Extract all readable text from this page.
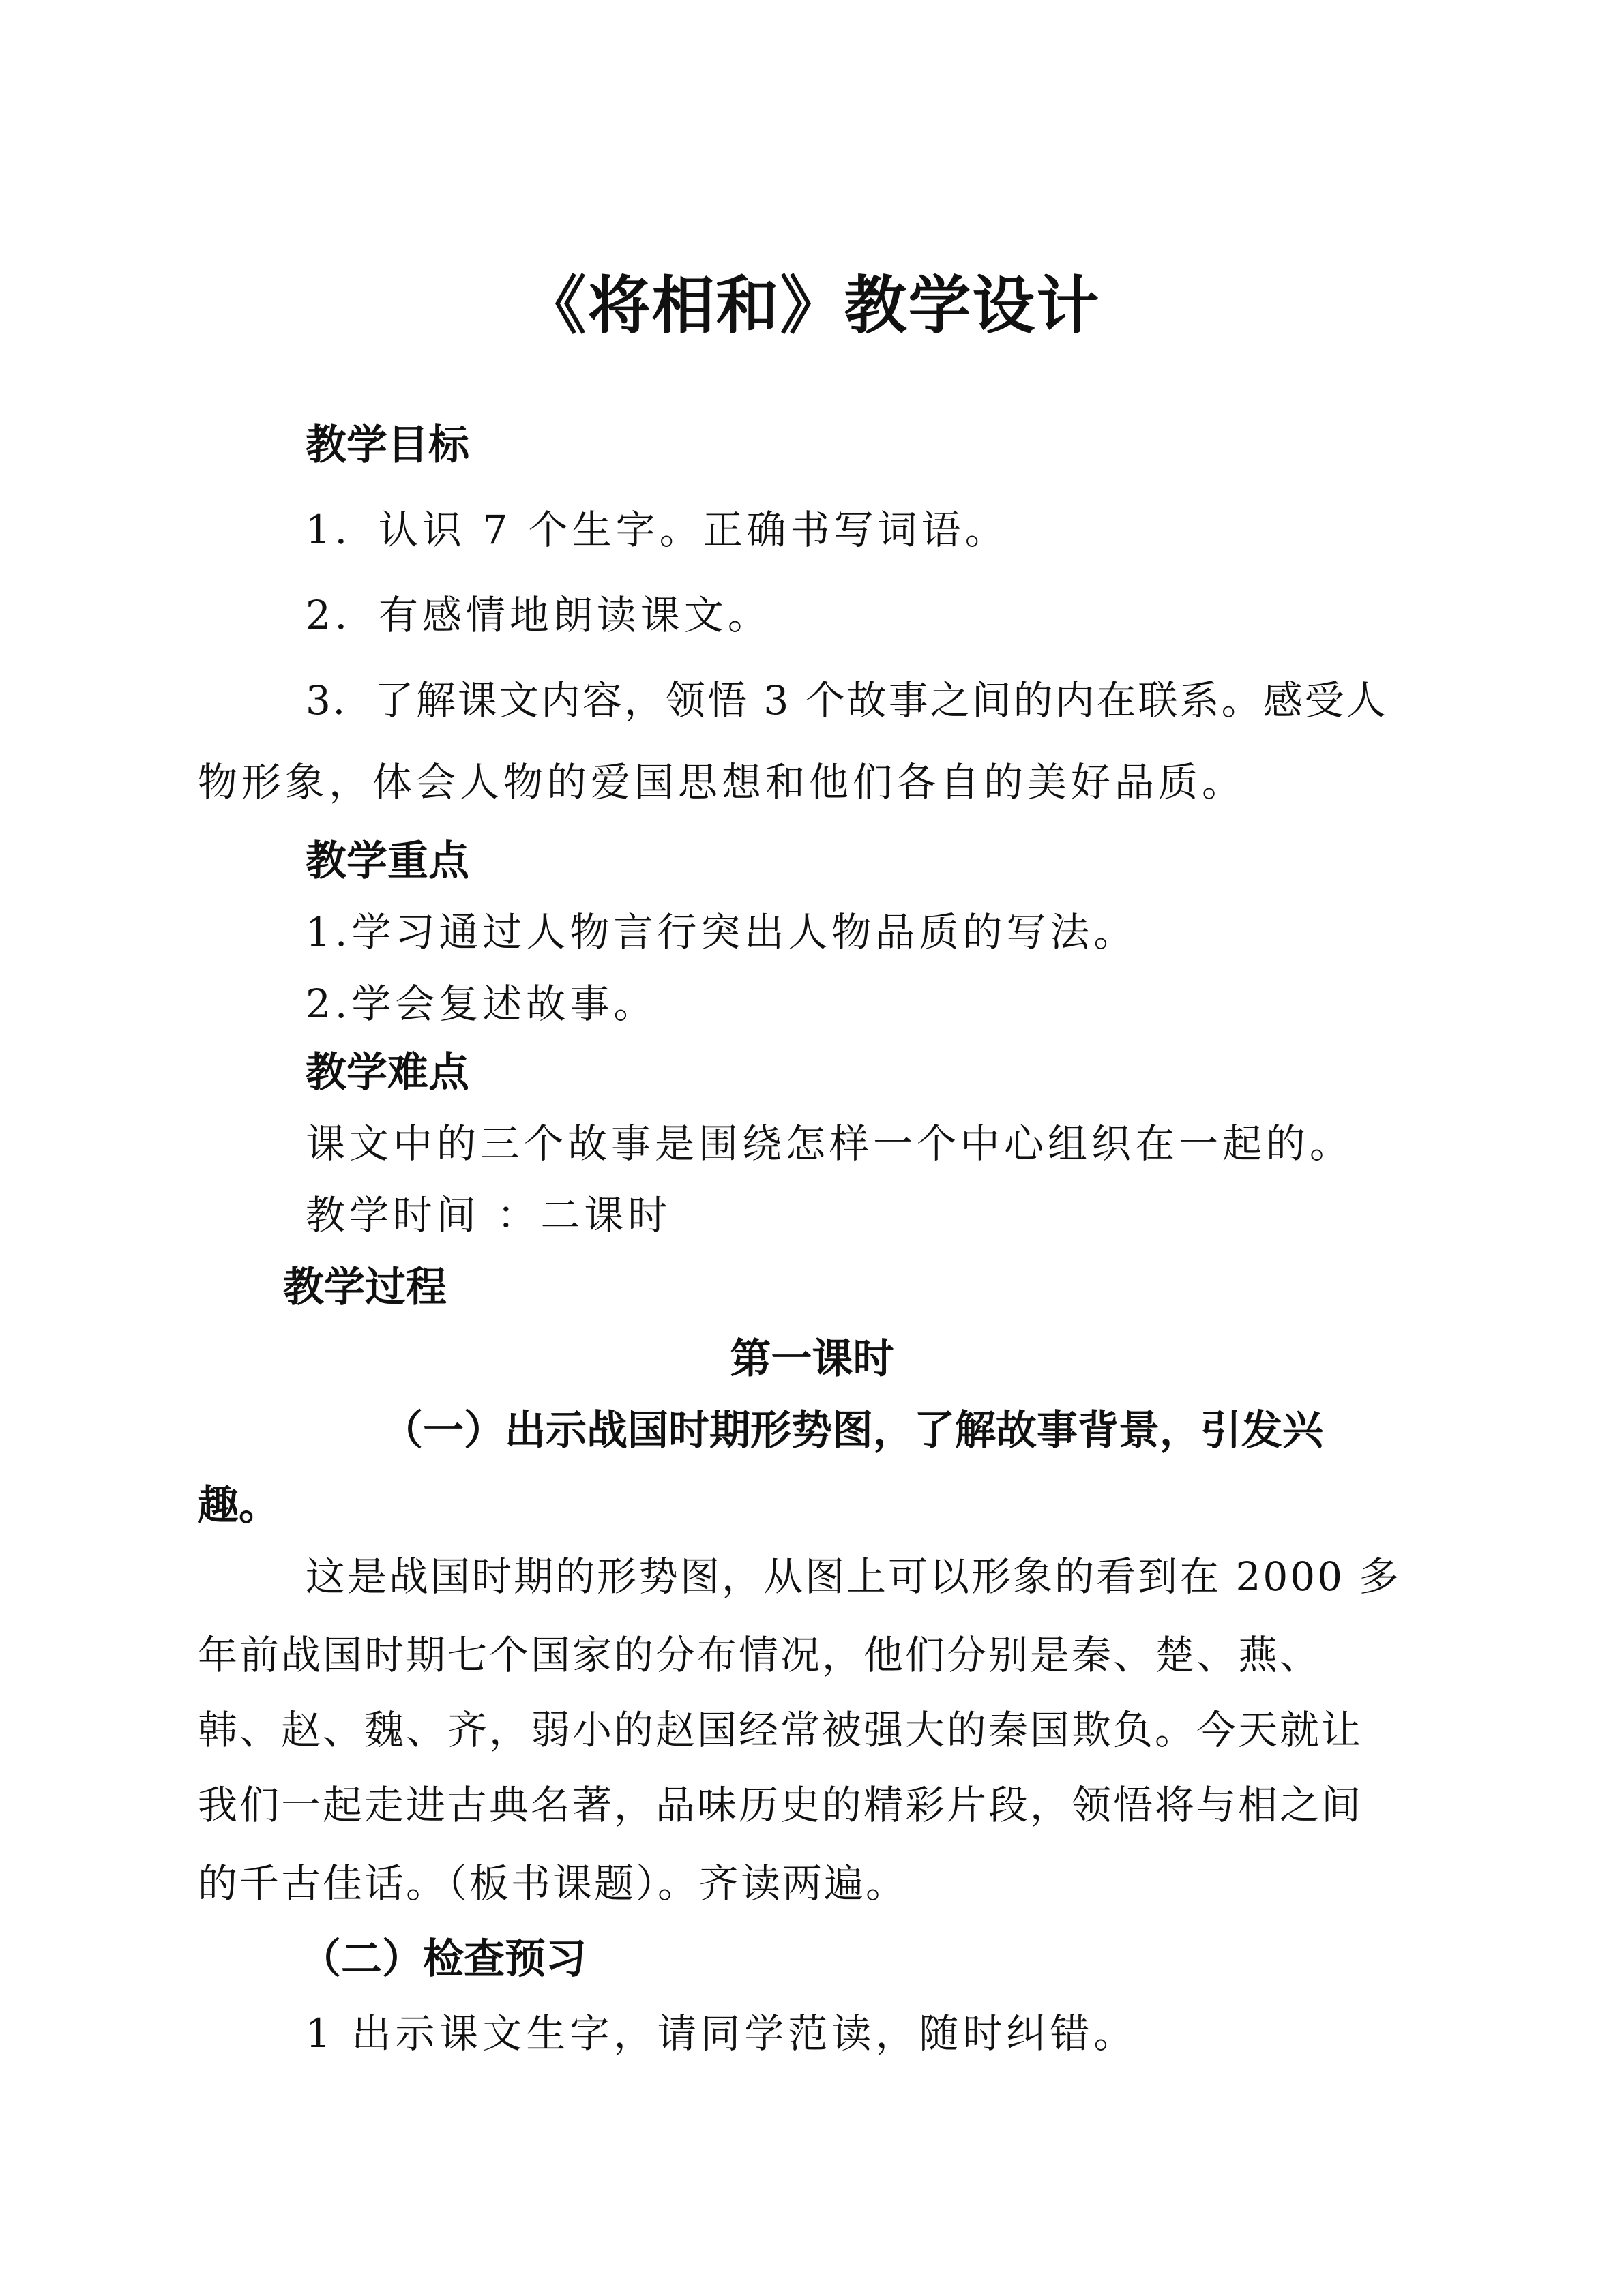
《将相和》教学设计
教学目标
1．认识 7 个生字。正确书写词语。
2．有感情地朗读课文。
3．了解课文内容，领悟 3 个故事之间的内在联系。感受人
物形象，体会人物的爱国思想和他们各自的美好品质。
教学重点
1.学习通过人物言行突出人物品质的写法。
2.学会复述故事。
教学难点
课文中的三个故事是围绕怎样一个中心组织在一起的。
教学时间 ：二课时
教学过程
第一课时
（一）出示战国时期形势图，了解故事背景，引发兴
趣。
这是战国时期的形势图，从图上可以形象的看到在 2000 多
年前战国时期七个国家的分布情况，他们分别是秦、楚、燕、
韩、赵、魏、齐，弱小的赵国经常被强大的秦国欺负。今天就让
我们一起走进古典名著，品味历史的精彩片段，领悟将与相之间
的千古佳话。（板书课题）。齐读两遍。
（二）检查预习
1 出示课文生字，请同学范读，随时纠错。
